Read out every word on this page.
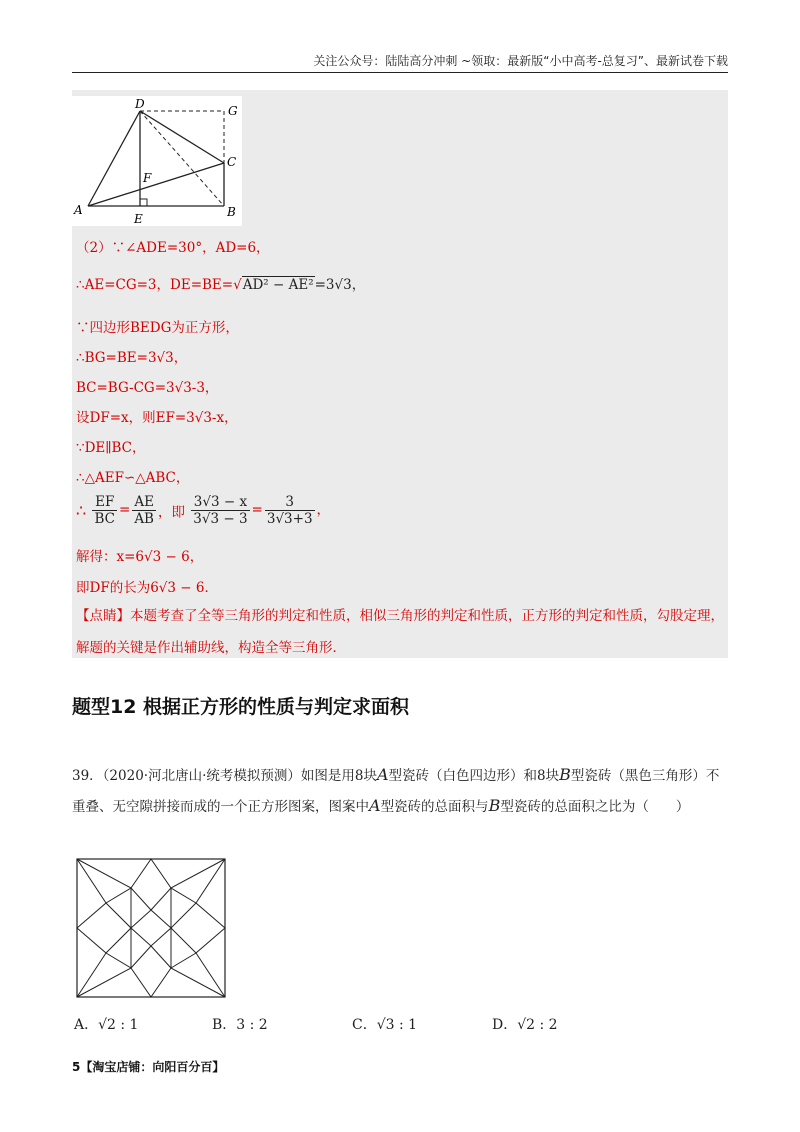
关注公众号：陆陆高分冲刺 ~领取：最新版“小中高考-总复习”、最新试卷下载
D	G
C
F
A
E	B
（2）∵∠ADE=30°，AD=6，
∴AE=CG=3，DE=BE=√AD² − AE²=3√3，
∵四边形BEDG为正方形，
∴BG=BE=3√3，
BC=BG-CG=3√3-3，
设DF=x，则EF=3√3-x，
∵DE∥BC，
∴△AEF∽△ABC，
∴ $\frac{EF}{BC} = \frac{AE}{AB}$ ，即 $\frac{3√3 - x}{3√3 - 3} = \frac{3}{3√3+3}$ ，
解得：x=6√3 − 6，
即DF的长为6√3 − 6．
【点睛】本题考查了全等三角形的判定和性质，相似三角形的判定和性质，正方形的判定和性质，勾股定理，解题的关键是作出辅助线，构造全等三角形．
题型12 根据正方形的性质与判定求面积
39．（2020·河北唐山·统考模拟预测）如图是用8块A型瓷砖（白色四边形）和8块B型瓷砖（黑色三角形）不重叠、无空隙拼接而成的一个正方形图案，图案中A型瓷砖的总面积与B型瓷砖的总面积之比为（　　）
A．√2 : 1	B．3 : 2	C．√3 : 1	D．√2 : 2
5【淘宝店铺：向阳百分百】
